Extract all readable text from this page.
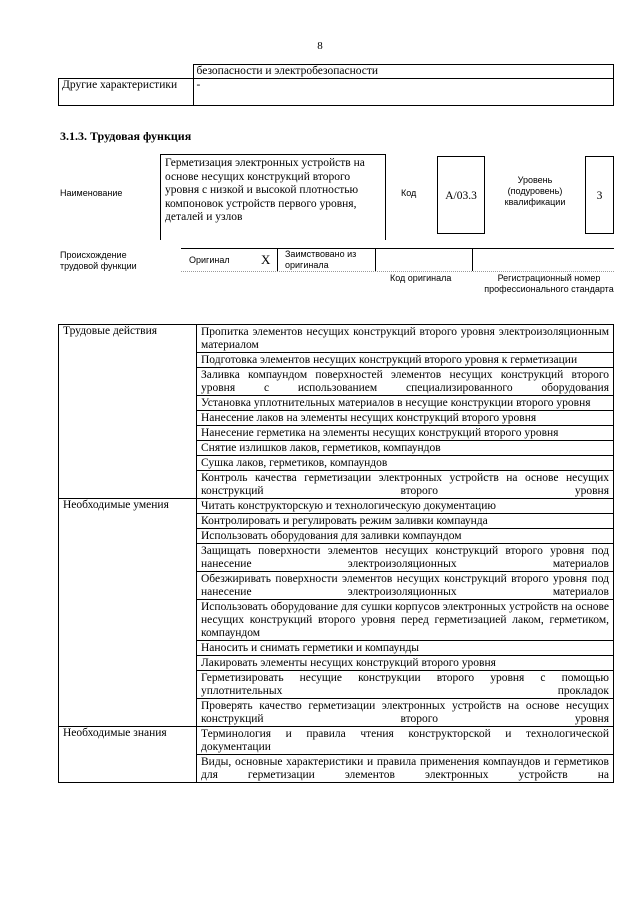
8
	безопасности и электробезопасности
Другие характеристики	-
3.1.3. Трудовая функция
Наименование
Герметизация электронных устройств на основе несущих конструкций второго уровня с низкой и высокой плотностью компоновок устройств первого уровня, деталей и узлов
Код	A/03.3
Уровень (подуровень) квалификации	3
Происхождение трудовой функции
Оригинал X Заимствовано из оригинала
Код оригинала	Регистрационный номер профессионального стандарта
Трудовые действия	Пропитка элементов несущих конструкций второго уровня электроизоляционным материалом
	Подготовка элементов несущих конструкций второго уровня к герметизации
	Заливка компаундом поверхностей элементов несущих конструкций второго уровня с использованием специализированного оборудования
	Установка уплотнительных материалов в несущие конструкции второго уровня
	Нанесение лаков на элементы несущих конструкций второго уровня
	Нанесение герметика на элементы несущих конструкций второго уровня
	Снятие излишков лаков, герметиков, компаундов
	Сушка лаков, герметиков, компаундов
	Контроль качества герметизации электронных устройств на основе несущих конструкций второго уровня
Необходимые умения	Читать конструкторскую и технологическую документацию
	Контролировать и регулировать режим заливки компаунда
	Использовать оборудования для заливки компаундом
	Защищать поверхности элементов несущих конструкций второго уровня под нанесение электроизоляционных материалов
	Обезжиривать поверхности элементов несущих конструкций второго уровня под нанесение электроизоляционных материалов
	Использовать оборудование для сушки корпусов электронных устройств на основе несущих конструкций второго уровня перед герметизацией лаком, герметиком, компаундом
	Наносить и снимать герметики и компаунды
	Лакировать элементы несущих конструкций второго уровня
	Герметизировать несущие конструкции второго уровня с помощью уплотнительных прокладок
	Проверять качество герметизации электронных устройств на основе несущих конструкций второго уровня
Необходимые знания	Терминология и правила чтения конструкторской и технологической документации
	Виды, основные характеристики и правила применения компаундов и герметиков для герметизации элементов электронных устройств на
